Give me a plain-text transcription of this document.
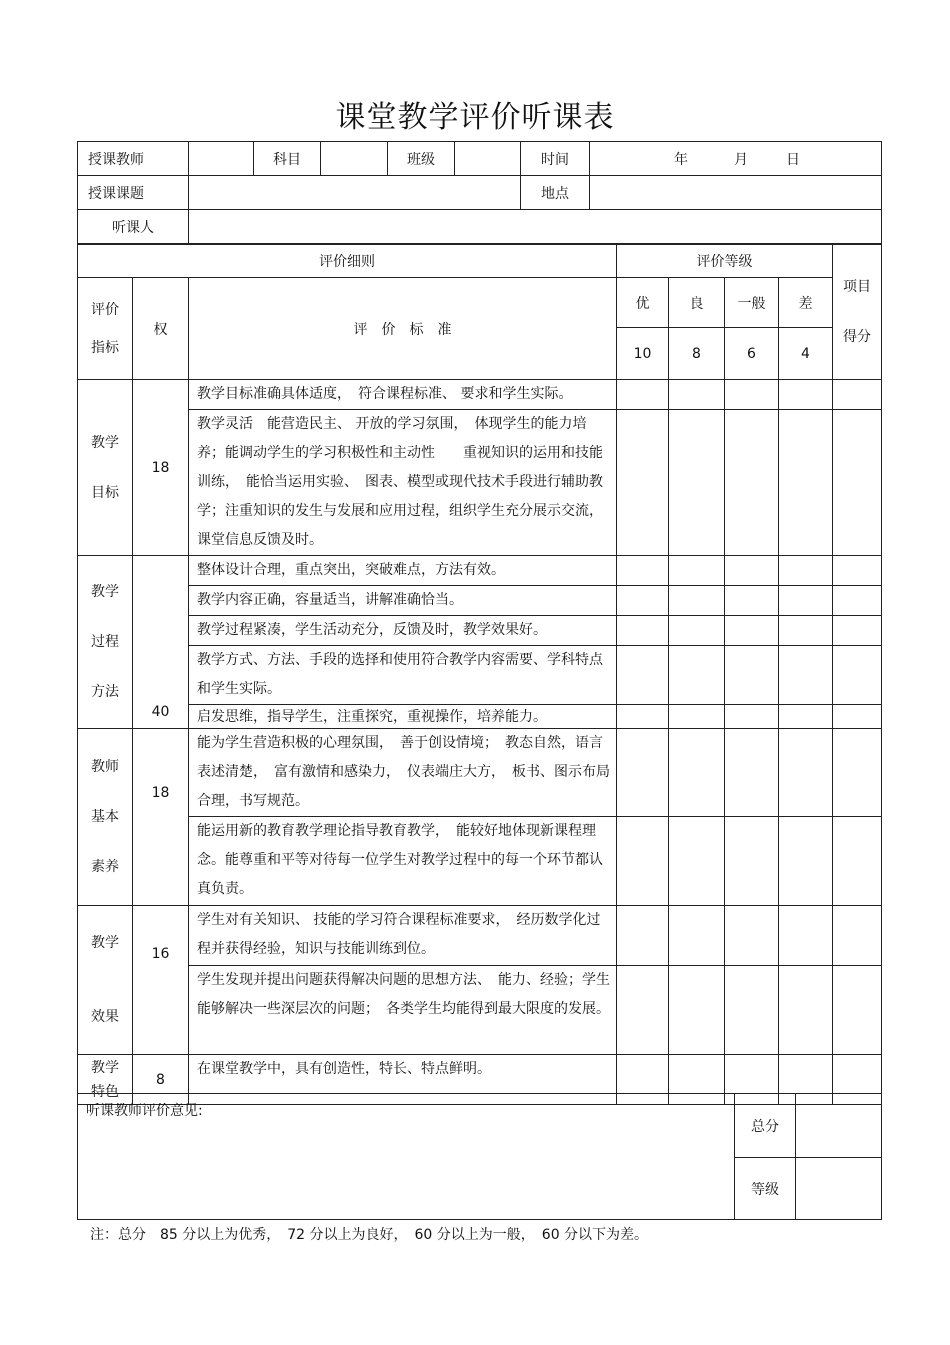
课堂教学评价听课表
授课教师		科目		班级		时间	年 月 日
授课课题						地点	
听课人							
评价细则			评价等级				项目
得分

评价
指标	权	评　价　标　准	优	良	一般	差	
			10	8	6	4	

教学
目标	18	教学目标准确具体适度，　符合课程标准、 要求和学生实际。					
		教学灵活　能营造民主、 开放的学习氛围，　体现学生的能力培养；能调动学生的学习积极性和主动性　　重视知识的运用和技能训练，　能恰当运用实验、　图表、模型或现代技术手段进行辅助教学；注重知识的发生与发展和应用过程，组织学生充分展示交流，课堂信息反馈及时。					

教学
过程
方法	40	整体设计合理，重点突出，突破难点，方法有效。					
		教学内容正确，容量适当，讲解准确恰当。					
		教学过程紧凑，学生活动充分，反馈及时，教学效果好。					
		教学方式、方法、手段的选择和使用符合教学内容需要、学科特点和学生实际。					
		启发思维，指导学生，注重探究，重视操作，培养能力。					

教师
基本
素养	18	能为学生营造积极的心理氛围，　善于创设情境；　教态自然，语言表述清楚，　富有激情和感染力，　仪表端庄大方，　板书、图示布局合理，书写规范。					
		能运用新的教育教学理论指导教育教学，　能较好地体现新课程理念。能尊重和平等对待每一位学生对教学过程中的每一个环节都认真负责。					

教学
效果	16	学生对有关知识、 技能的学习符合课程标准要求，　经历数学化过程并获得经验，知识与技能训练到位。					
		学生发现并提出问题获得解决问题的思想方法、　能力、经验；学生能够解决一些深层次的问题；　各类学生均能得到最大限度的发展。					

教学
特色	8	在课堂教学中，具有创造性，特长、特点鲜明。					
听课教师评价意见:	总分	
	等级	
注：总分　85 分以上为优秀，　72 分以上为良好，　60 分以上为一般，　60 分以下为差。
